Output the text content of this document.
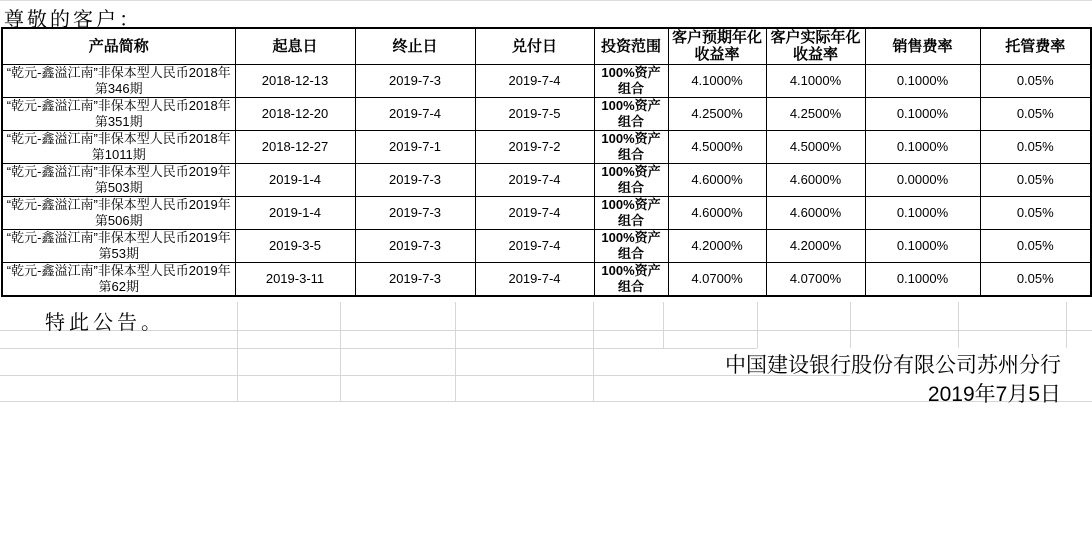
尊敬的客户：
产品简称	起息日	终止日	兑付日	投资范围	客户预期年化收益率	客户实际年化收益率	销售费率	托管费率
“乾元-鑫溢江南”非保本型人民币2018年第346期	2018-12-13	2019-7-3	2019-7-4	100%资产组合	4.1000%	4.1000%	0.1000%	0.05%
“乾元-鑫溢江南”非保本型人民币2018年第351期	2018-12-20	2019-7-4	2019-7-5	100%资产组合	4.2500%	4.2500%	0.1000%	0.05%
“乾元-鑫溢江南”非保本型人民币2018年第1011期	2018-12-27	2019-7-1	2019-7-2	100%资产组合	4.5000%	4.5000%	0.1000%	0.05%
“乾元-鑫溢江南”非保本型人民币2019年第503期	2019-1-4	2019-7-3	2019-7-4	100%资产组合	4.6000%	4.6000%	0.0000%	0.05%
“乾元-鑫溢江南”非保本型人民币2019年第506期	2019-1-4	2019-7-3	2019-7-4	100%资产组合	4.6000%	4.6000%	0.1000%	0.05%
“乾元-鑫溢江南”非保本型人民币2019年第53期	2019-3-5	2019-7-3	2019-7-4	100%资产组合	4.2000%	4.2000%	0.1000%	0.05%
“乾元-鑫溢江南”非保本型人民币2019年第62期	2019-3-11	2019-7-3	2019-7-4	100%资产组合	4.0700%	4.0700%	0.1000%	0.05%
特此公告。
中国建设银行股份有限公司苏州分行
2019年7月5日
